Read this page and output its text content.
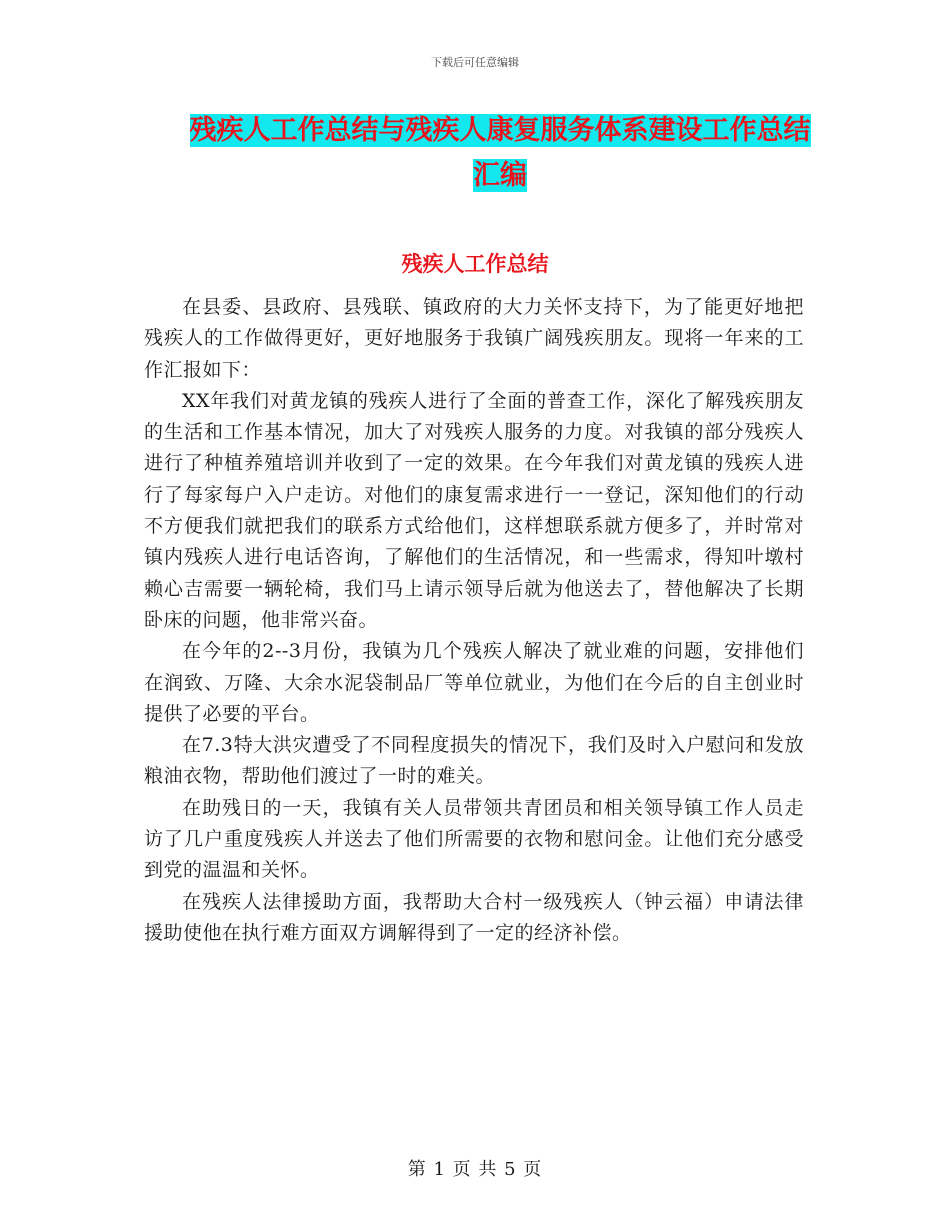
下载后可任意编辑
残疾人工作总结与残疾人康复服务体系建设工作总结
汇编
残疾人工作总结

在县委、县政府、县残联、镇政府的大力关怀支持下，为了能更好地把残疾人的工作做得更好，更好地服务于我镇广阔残疾朋友。现将一年来的工作汇报如下：

XX年我们对黄龙镇的残疾人进行了全面的普查工作，深化了解残疾朋友的生活和工作基本情况，加大了对残疾人服务的力度。对我镇的部分残疾人进行了种植养殖培训并收到了一定的效果。在今年我们对黄龙镇的残疾人进行了每家每户入户走访。对他们的康复需求进行一一登记，深知他们的行动不方便我们就把我们的联系方式给他们，这样想联系就方便多了，并时常对镇内残疾人进行电话咨询，了解他们的生活情况，和一些需求，得知叶墩村赖心吉需要一辆轮椅，我们马上请示领导后就为他送去了，替他解决了长期卧床的问题，他非常兴奋。

在今年的2--3月份，我镇为几个残疾人解决了就业难的问题，安排他们在润致、万隆、大余水泥袋制品厂等单位就业，为他们在今后的自主创业时提供了必要的平台。

在7.3特大洪灾遭受了不同程度损失的情况下，我们及时入户慰问和发放粮油衣物，帮助他们渡过了一时的难关。

在助残日的一天，我镇有关人员带领共青团员和相关领导镇工作人员走访了几户重度残疾人并送去了他们所需要的衣物和慰问金。让他们充分感受到党的温温和关怀。

在残疾人法律援助方面，我帮助大合村一级残疾人（钟云福）申请法律援助使他在执行难方面双方调解得到了一定的经济补偿。

第 1 页 共 5 页
